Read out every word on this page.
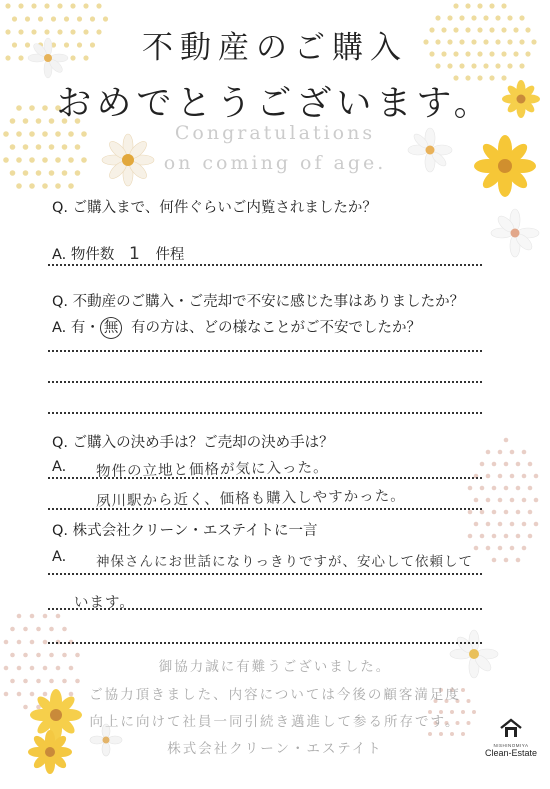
不動産のご購入
おめでとうございます。
Congratulations
on coming of age.
Q. ご購入まで、何件ぐらいご内覧されましたか？
A. 物件数 1 件程
Q. 不動産のご購入・ご売却で不安に感じた事はありましたか？
A. 有・ 無 有の方は、どの様なことがご不安でしたか？
Q. ご購入の決め手は？ご売却の決め手は？
A. 物件の立地と価格が気に入った。
夙川駅から近く、価格も購入しやすかった。
Q. 株式会社クリーン・エステイトに一言
A. 神保さんにお世話になりっきりですが、安心して依頼して
います。
御協力誠に有難うございました。
ご協力頂きました、内容については今後の顧客満足度
向上に向けて社員一同引続き邁進して参る所存です。
株式会社クリーン・エステイト	NISHINOMIYA
Clean-Estate
